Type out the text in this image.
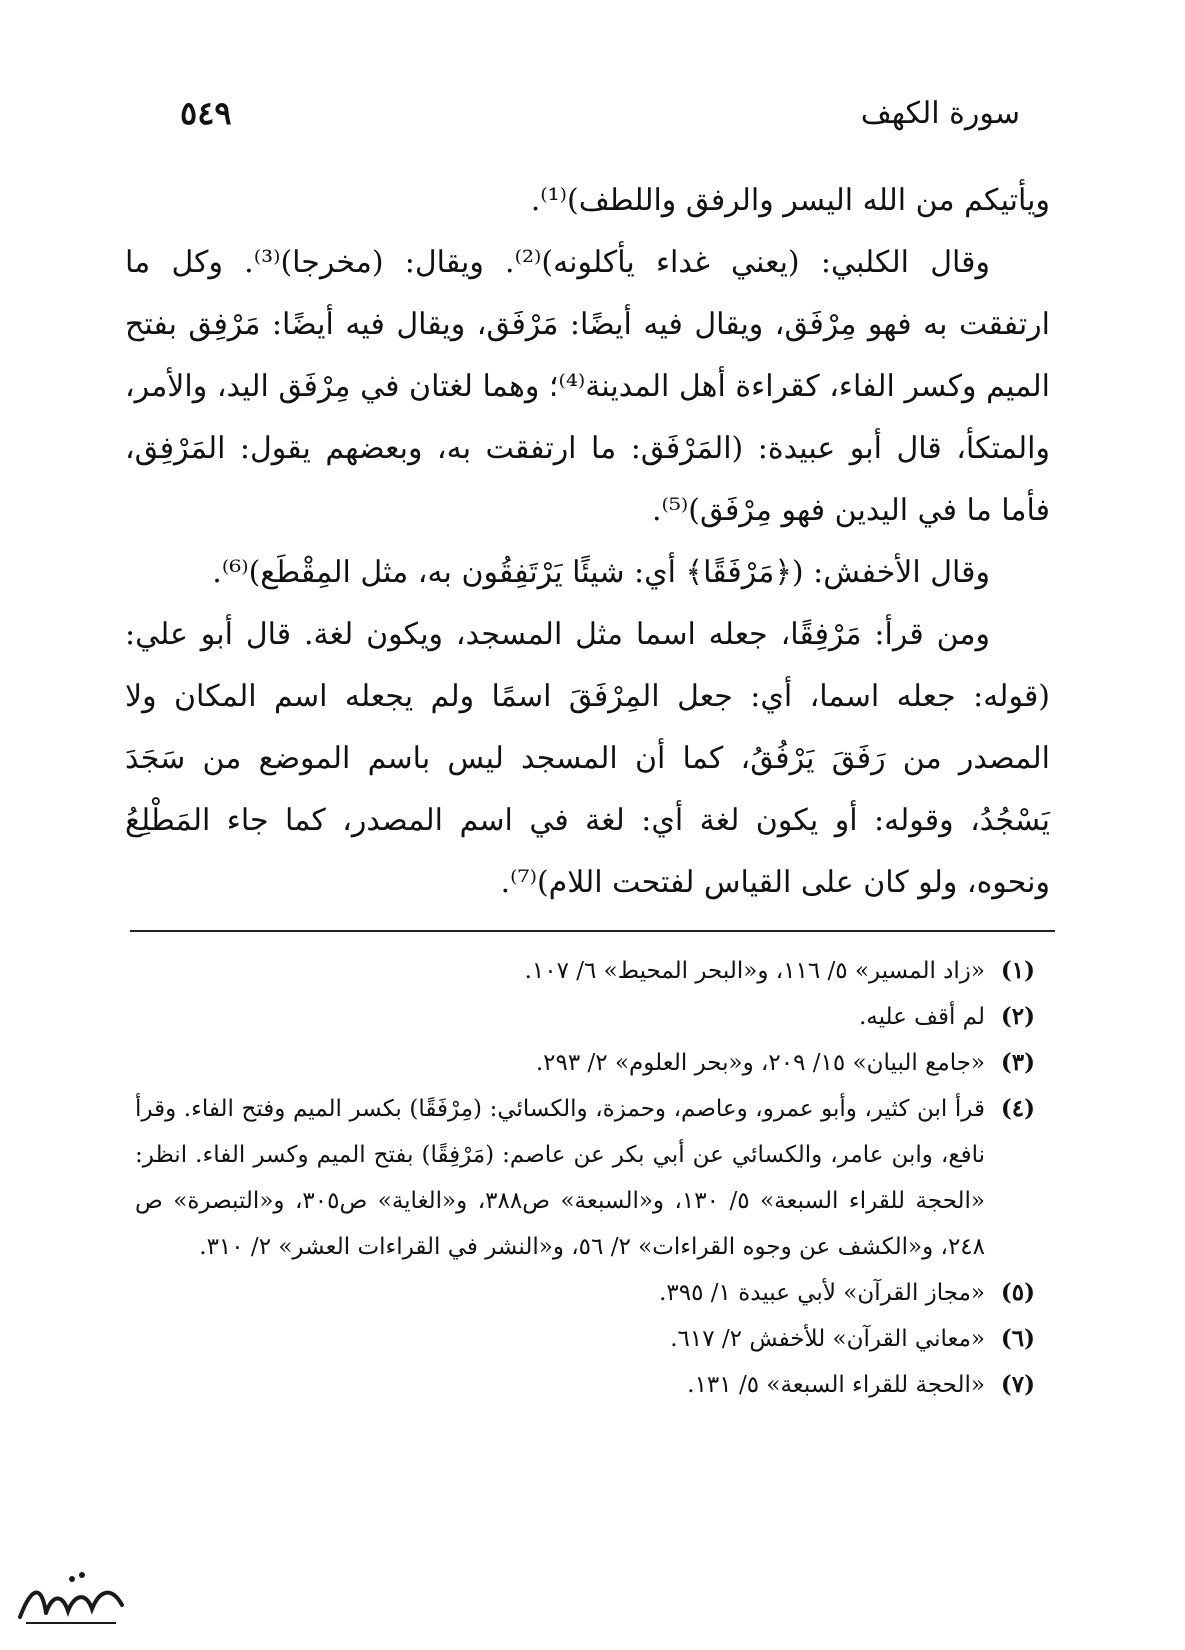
سورة الكهف
٥٤٩

ويأتيكم من الله اليسر والرفق واللطف)⁽¹⁾.

وقال الكلبي: (يعني غداء يأكلونه)⁽²⁾. ويقال: (مخرجا)⁽³⁾. وكل ما ارتفقت به فهو مِرْفَق، ويقال فيه أيضًا: مَرْفَق، ويقال فيه أيضًا: مَرْفِق بفتح الميم وكسر الفاء، كقراءة أهل المدينة⁽⁴⁾؛ وهما لغتان في مِرْفَق اليد، والأمر، والمتكأ، قال أبو عبيدة: (المَرْفَق: ما ارتفقت به، وبعضهم يقول: المَرْفِق، فأما ما في اليدين فهو مِرْفَق)⁽⁵⁾.

وقال الأخفش: (﴿مَرْفَقًا﴾ أي: شيئًا يَرْتَفِقُون به، مثل المِقْطَع)⁽⁶⁾.

ومن قرأ: مَرْفِقًا، جعله اسما مثل المسجد، ويكون لغة. قال أبو علي: (قوله: جعله اسما، أي: جعل المِرْفَقَ اسمًا ولم يجعله اسم المكان ولا المصدر من رَفَقَ يَرْفُقُ، كما أن المسجد ليس باسم الموضع من سَجَدَ يَسْجُدُ، وقوله: أو يكون لغة أي: لغة في اسم المصدر، كما جاء المَطْلِعُ ونحوه، ولو كان على القياس لفتحت اللام)⁽⁷⁾.

(١)
«زاد المسير» ٥/ ١١٦، و«البحر المحيط» ٦/ ١٠٧.
(٢)
لم أقف عليه.
(٣)
«جامع البيان» ١٥/ ٢٠٩، و«بحر العلوم» ٢/ ٢٩٣.
(٤)
قرأ ابن كثير، وأبو عمرو، وعاصم، وحمزة، والكسائي: (مِرْفَقًا) بكسر الميم وفتح الفاء. وقرأ نافع، وابن عامر، والكسائي عن أبي بكر عن عاصم: (مَرْفِقًا) بفتح الميم وكسر الفاء. انظر: «الحجة للقراء السبعة» ٥/ ١٣٠، و«السبعة» ص٣٨٨، و«الغاية» ص٣٠٥، و«التبصرة» ص ٢٤٨، و«الكشف عن وجوه القراءات» ٢/ ٥٦، و«النشر في القراءات العشر» ٢/ ٣١٠.
(٥)
«مجاز القرآن» لأبي عبيدة ١/ ٣٩٥.
(٦)
«معاني القرآن» للأخفش ٢/ ٦١٧.
(٧)
«الحجة للقراء السبعة» ٥/ ١٣١.
